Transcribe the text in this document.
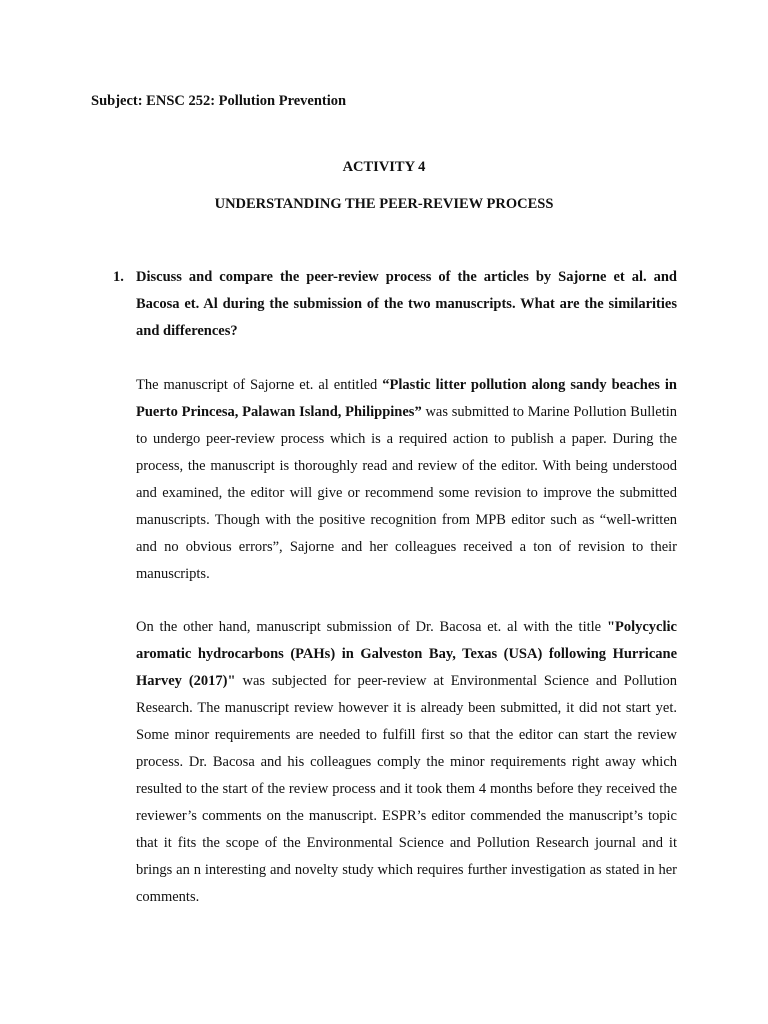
Subject: ENSC 252: Pollution Prevention
ACTIVITY 4
UNDERSTANDING THE PEER-REVIEW PROCESS
1. Discuss and compare the peer-review process of the articles by Sajorne et al. and Bacosa et. Al during the submission of the two manuscripts. What are the similarities and differences?

The manuscript of Sajorne et. al entitled “Plastic litter pollution along sandy beaches in Puerto Princesa, Palawan Island, Philippines” was submitted to Marine Pollution Bulletin to undergo peer-review process which is a required action to publish a paper. During the process, the manuscript is thoroughly read and review of the editor. With being understood and examined, the editor will give or recommend some revision to improve the submitted manuscripts. Though with the positive recognition from MPB editor such as “well-written and no obvious errors”, Sajorne and her colleagues received a ton of revision to their manuscripts.

On the other hand, manuscript submission of Dr. Bacosa et. al with the title "Polycyclic aromatic hydrocarbons (PAHs) in Galveston Bay, Texas (USA) following Hurricane Harvey (2017)" was subjected for peer-review at Environmental Science and Pollution Research. The manuscript review however it is already been submitted, it did not start yet. Some minor requirements are needed to fulfill first so that the editor can start the review process. Dr. Bacosa and his colleagues comply the minor requirements right away which resulted to the start of the review process and it took them 4 months before they received the reviewer’s comments on the manuscript. ESPR’s editor commended the manuscript’s topic that it fits the scope of the Environmental Science and Pollution Research journal and it brings an n interesting and novelty study which requires further investigation as stated in her comments.
